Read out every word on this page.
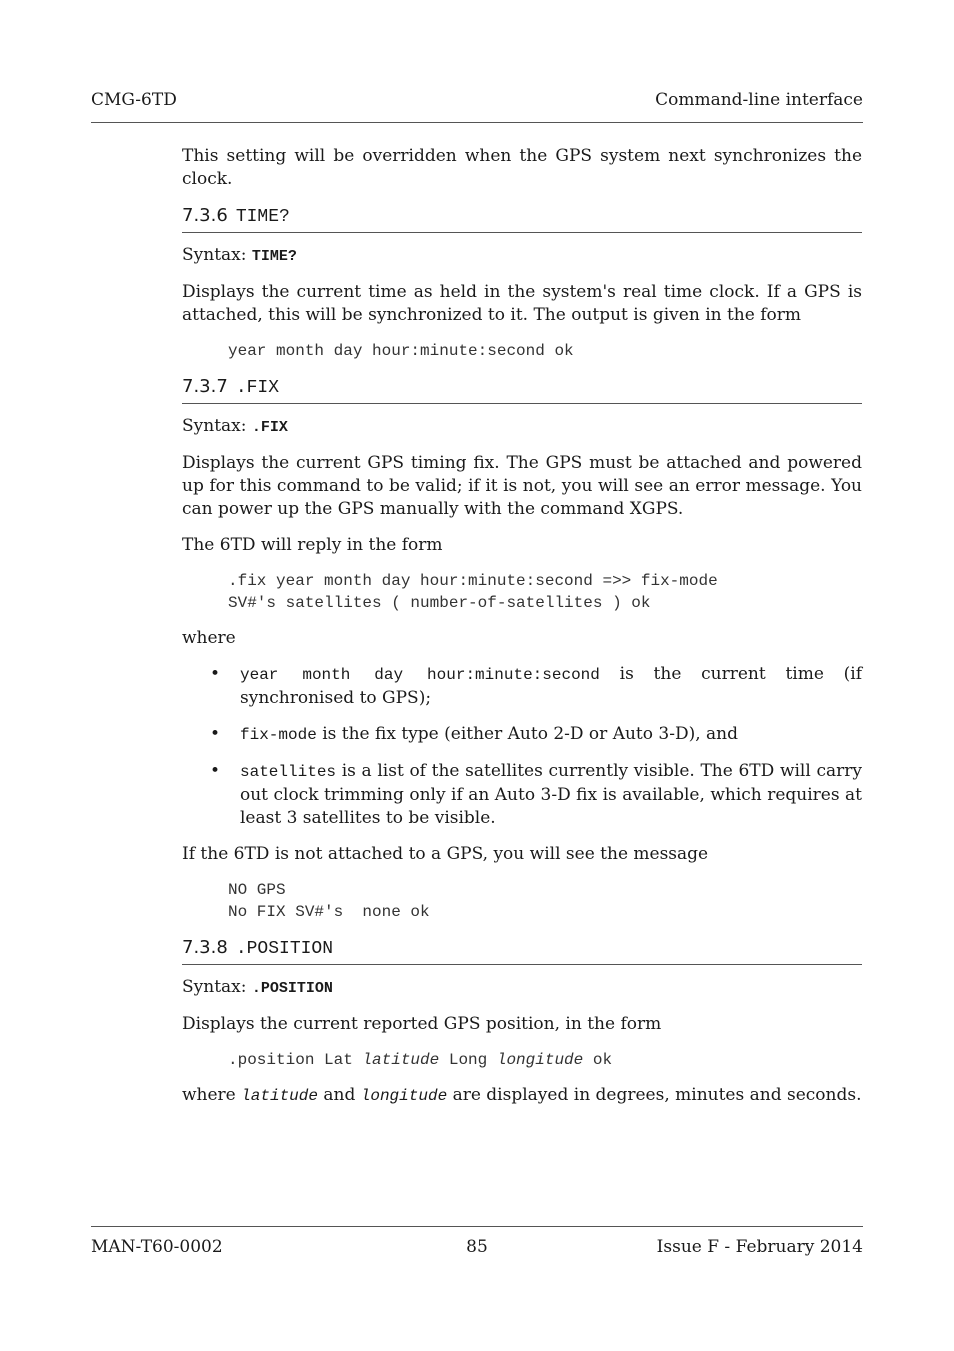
CMG-6TD	Command-line interface

This setting will be overridden when the GPS system next synchronizes the clock.

7.3.6 TIME?

Syntax: TIME?

Displays the current time as held in the system's real time clock. If a GPS is attached, this will be synchronized to it. The output is given in the form

year month day hour:minute:second ok
7.3.7 .FIX

Syntax: .FIX

Displays the current GPS timing fix. The GPS must be attached and powered up for this command to be valid; if it is not, you will see an error message. You can power up the GPS manually with the command XGPS.

The 6TD will reply in the form

.fix year month day hour:minute:second =>> fix-mode
SV#'s satellites ( number-of-satellites ) ok

where

• year month day hour:minute:second is the current time (if synchronised to GPS);
• fix-mode is the fix type (either Auto 2-D or Auto 3-D), and
• satellites is a list of the satellites currently visible. The 6TD will carry out clock trimming only if an Auto 3-D fix is available, which requires at least 3 satellites to be visible.

If the 6TD is not attached to a GPS, you will see the message

NO GPS
No FIX SV#'s  none ok
7.3.8 .POSITION

Syntax: .POSITION

Displays the current reported GPS position, in the form

.position Lat latitude Long longitude ok

where latitude and longitude are displayed in degrees, minutes and seconds.

MAN-T60-0002	85	Issue F - February 2014
